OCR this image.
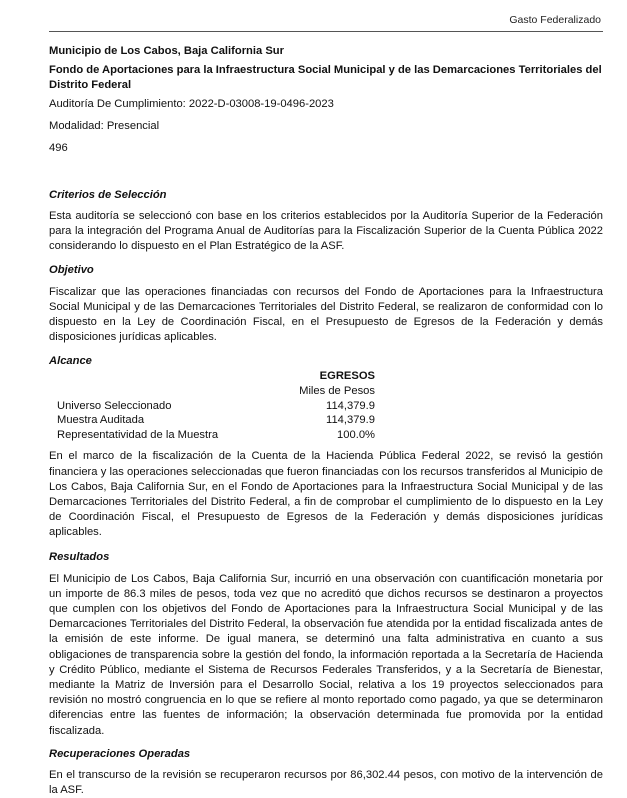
Gasto Federalizado

Municipio de Los Cabos, Baja California Sur

Fondo de Aportaciones para la Infraestructura Social Municipal y de las Demarcaciones Territoriales del Distrito Federal

Auditoría De Cumplimiento: 2022-D-03008-19-0496-2023

Modalidad: Presencial

496

Criterios de Selección

Esta auditoría se seleccionó con base en los criterios establecidos por la Auditoría Superior de la Federación para la integración del Programa Anual de Auditorías para la Fiscalización Superior de la Cuenta Pública 2022 considerando lo dispuesto en el Plan Estratégico de la ASF.

Objetivo

Fiscalizar que las operaciones financiadas con recursos del Fondo de Aportaciones para la Infraestructura Social Municipal y de las Demarcaciones Territoriales del Distrito Federal, se realizaron de conformidad con lo dispuesto en la Ley de Coordinación Fiscal, en el Presupuesto de Egresos de la Federación y demás disposiciones jurídicas aplicables.

Alcance

	EGRESOS
	Miles de Pesos
Universo Seleccionado	114,379.9
Muestra Auditada	114,379.9
Representatividad de la Muestra	100.0%

En el marco de la fiscalización de la Cuenta de la Hacienda Pública Federal 2022, se revisó la gestión financiera y las operaciones seleccionadas que fueron financiadas con los recursos transferidos al Municipio de Los Cabos, Baja California Sur, en el Fondo de Aportaciones para la Infraestructura Social Municipal y de las Demarcaciones Territoriales del Distrito Federal, a fin de comprobar el cumplimiento de lo dispuesto en la Ley de Coordinación Fiscal, el Presupuesto de Egresos de la Federación y demás disposiciones jurídicas aplicables.

Resultados

El Municipio de Los Cabos, Baja California Sur, incurrió en una observación con cuantificación monetaria por un importe de 86.3 miles de pesos, toda vez que no acreditó que dichos recursos se destinaron a proyectos que cumplen con los objetivos del Fondo de Aportaciones para la Infraestructura Social Municipal y de las Demarcaciones Territoriales del Distrito Federal, la observación fue atendida por la entidad fiscalizada antes de la emisión de este informe. De igual manera, se determinó una falta administrativa en cuanto a sus obligaciones de transparencia sobre la gestión del fondo, la información reportada a la Secretaría de Hacienda y Crédito Público, mediante el Sistema de Recursos Federales Transferidos, y a la Secretaría de Bienestar, mediante la Matriz de Inversión para el Desarrollo Social, relativa a los 19 proyectos seleccionados para revisión no mostró congruencia en lo que se refiere al monto reportado como pagado, ya que se determinaron diferencias entre las fuentes de información; la observación determinada fue promovida por la entidad fiscalizada.

Recuperaciones Operadas

En el transcurso de la revisión se recuperaron recursos por 86,302.44 pesos, con motivo de la intervención de la ASF.
